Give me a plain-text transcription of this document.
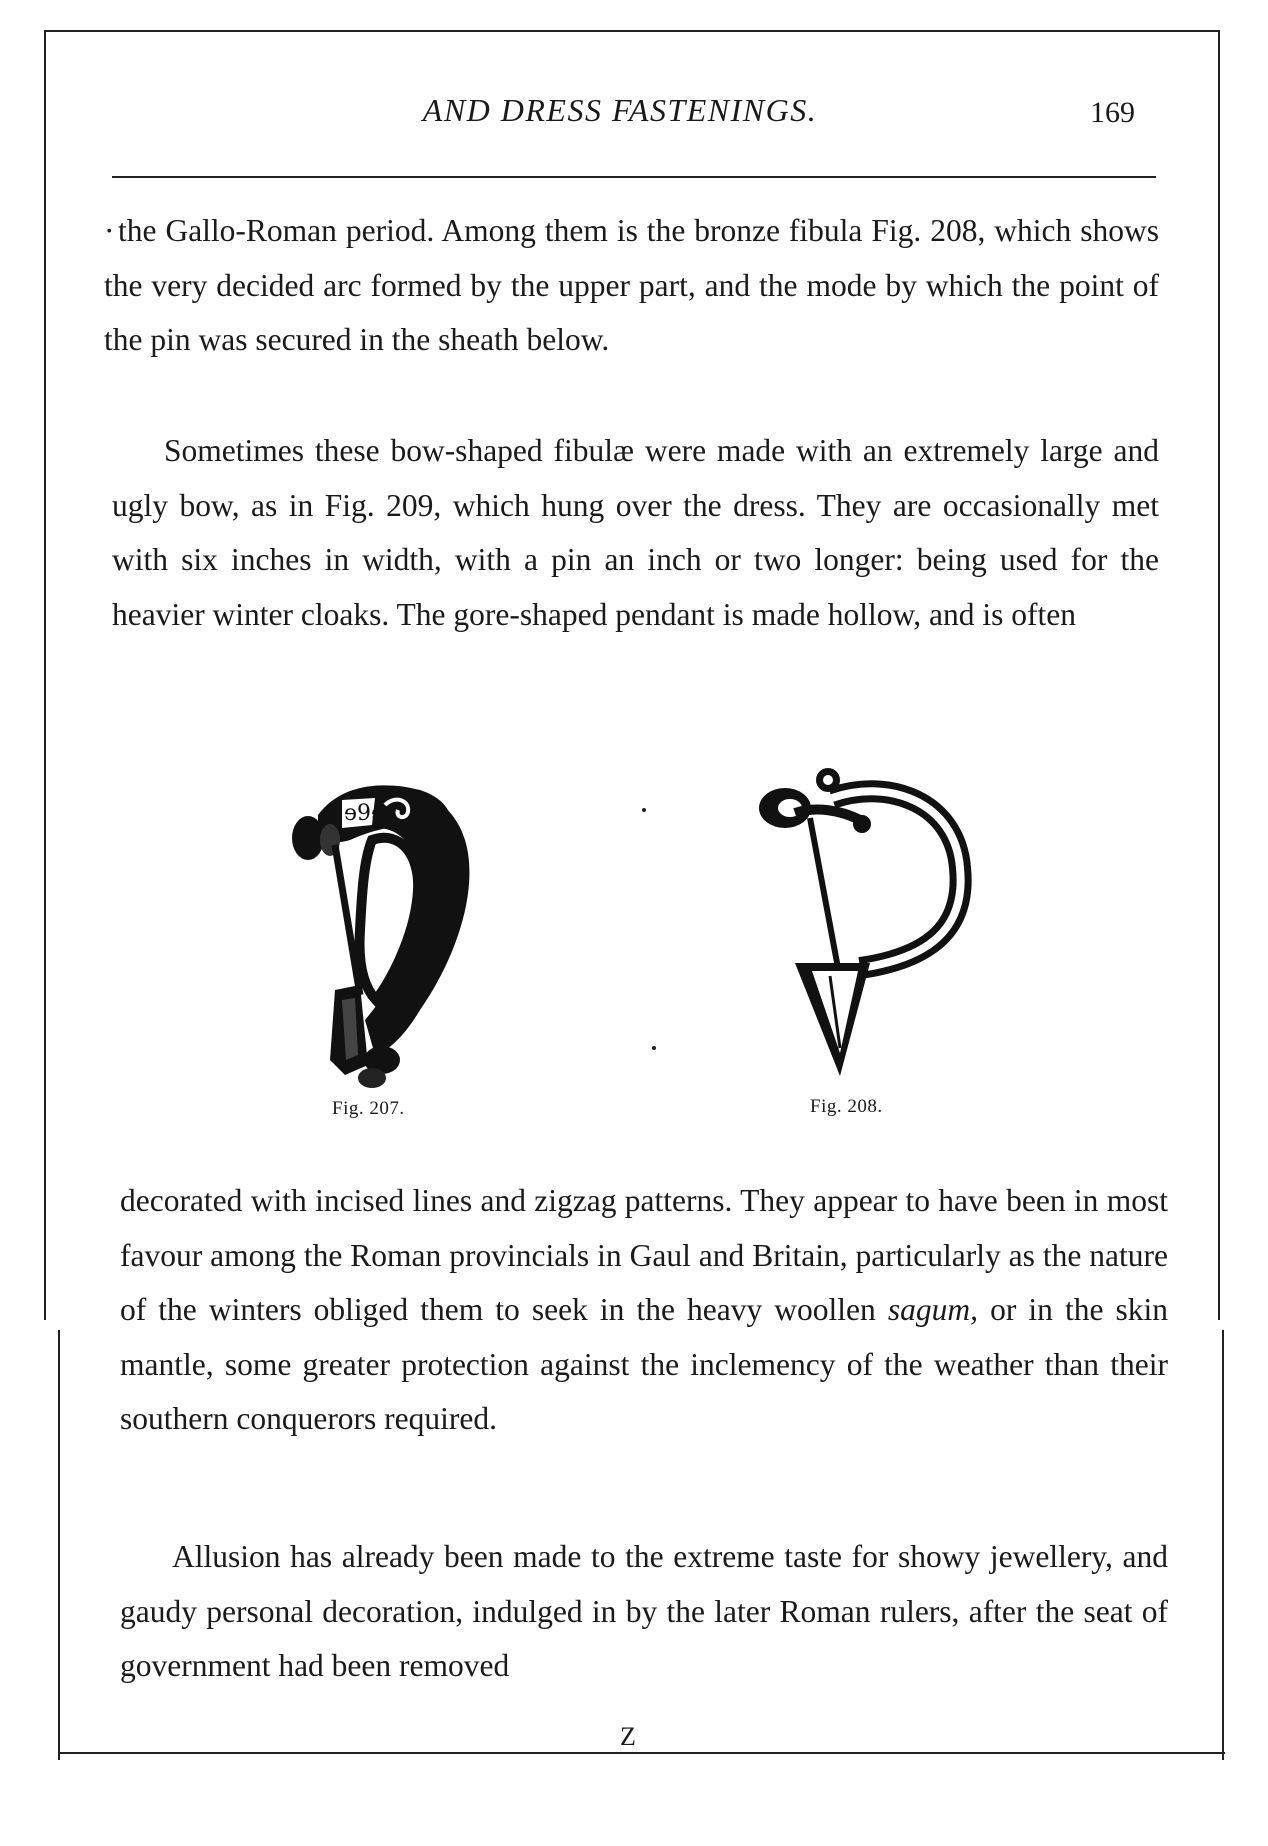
AND DRESS FASTENINGS.	169

· the Gallo-Roman period. Among them is the bronze fibula Fig. 208, which shows the very decided arc formed by the upper part, and the mode by which the point of the pin was secured in the sheath below.

Sometimes these bow-shaped fibulæ were made with an extremely large and ugly bow, as in Fig. 209, which hung over the dress. They are occasionally met with six inches in width, with a pin an inch or two longer: being used for the heavier winter cloaks. The gore-shaped pendant is made hollow, and is often

ɘ9ɘ
Fig. 207.	Fig. 208.

decorated with incised lines and zigzag patterns. They appear to have been in most favour among the Roman provincials in Gaul and Britain, particularly as the nature of the winters obliged them to seek in the heavy woollen sagum, or in the skin mantle, some greater protection against the inclemency of the weather than their southern conquerors required.

Allusion has already been made to the extreme taste for showy jewellery, and gaudy personal decoration, indulged in by the later Roman rulers, after the seat of government had been removed

Z
